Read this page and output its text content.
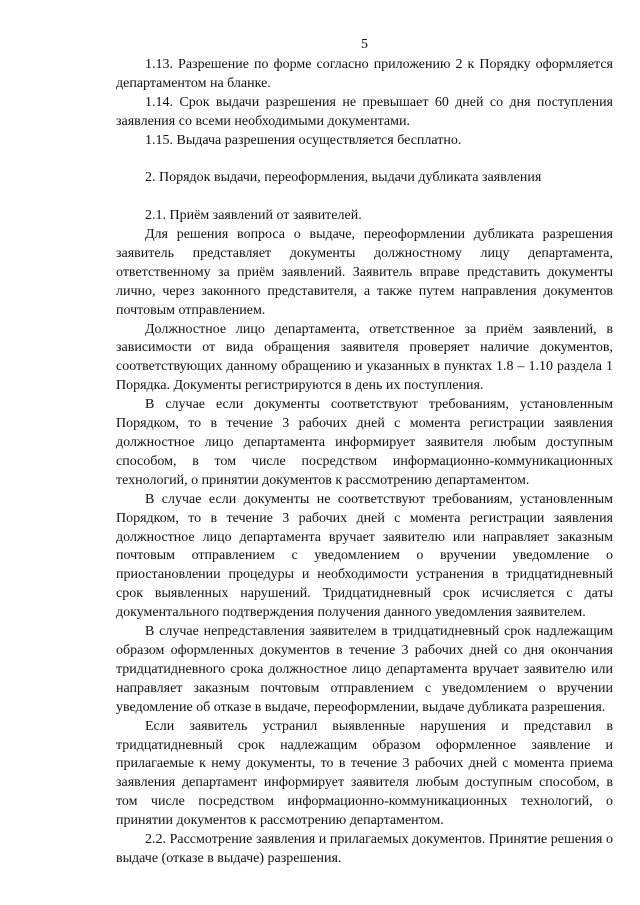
5

1.13. Разрешение по форме согласно приложению 2 к Порядку оформляется департаментом на бланке.

1.14. Срок выдачи разрешения не превышает 60 дней со дня поступления заявления со всеми необходимыми документами.

1.15. Выдача разрешения осуществляется бесплатно.

2. Порядок выдачи, переоформления, выдачи дубликата заявления

2.1. Приём заявлений от заявителей.

Для решения вопроса о выдаче, переоформлении дубликата разрешения заявитель представляет документы должностному лицу департамента, ответственному за приём заявлений. Заявитель вправе представить документы лично, через законного представителя, а также путем направления документов почтовым отправлением.

Должностное лицо департамента, ответственное за приём заявлений, в зависимости от вида обращения заявителя проверяет наличие документов, соответствующих данному обращению и указанных в пунктах 1.8 – 1.10 раздела 1 Порядка. Документы регистрируются в день их поступления.

В случае если документы соответствуют требованиям, установленным Порядком, то в течение 3 рабочих дней с момента регистрации заявления должностное лицо департамента информирует заявителя любым доступным способом, в том числе посредством информационно-коммуникационных технологий, о принятии документов к рассмотрению департаментом.

В случае если документы не соответствуют требованиям, установленным Порядком, то в течение 3 рабочих дней с момента регистрации заявления должностное лицо департамента вручает заявителю или направляет заказным почтовым отправлением с уведомлением о вручении уведомление о приостановлении процедуры и необходимости устранения в тридцатидневный срок выявленных нарушений. Тридцатидневный срок исчисляется с даты документального подтверждения получения данного уведомления заявителем.

В случае непредставления заявителем в тридцатидневный срок надлежащим образом оформленных документов в течение 3 рабочих дней со дня окончания тридцатидневного срока должностное лицо департамента вручает заявителю или направляет заказным почтовым отправлением с уведомлением о вручении уведомление об отказе в выдаче, переоформлении, выдаче дубликата разрешения.

Если заявитель устранил выявленные нарушения и представил в тридцатидневный срок надлежащим образом оформленное заявление и прилагаемые к нему документы, то в течение 3 рабочих дней с момента приема заявления департамент информирует заявителя любым доступным способом, в том числе посредством информационно-коммуникационных технологий, о принятии документов к рассмотрению департаментом.

2.2. Рассмотрение заявления и прилагаемых документов. Принятие решения о выдаче (отказе в выдаче) разрешения.
